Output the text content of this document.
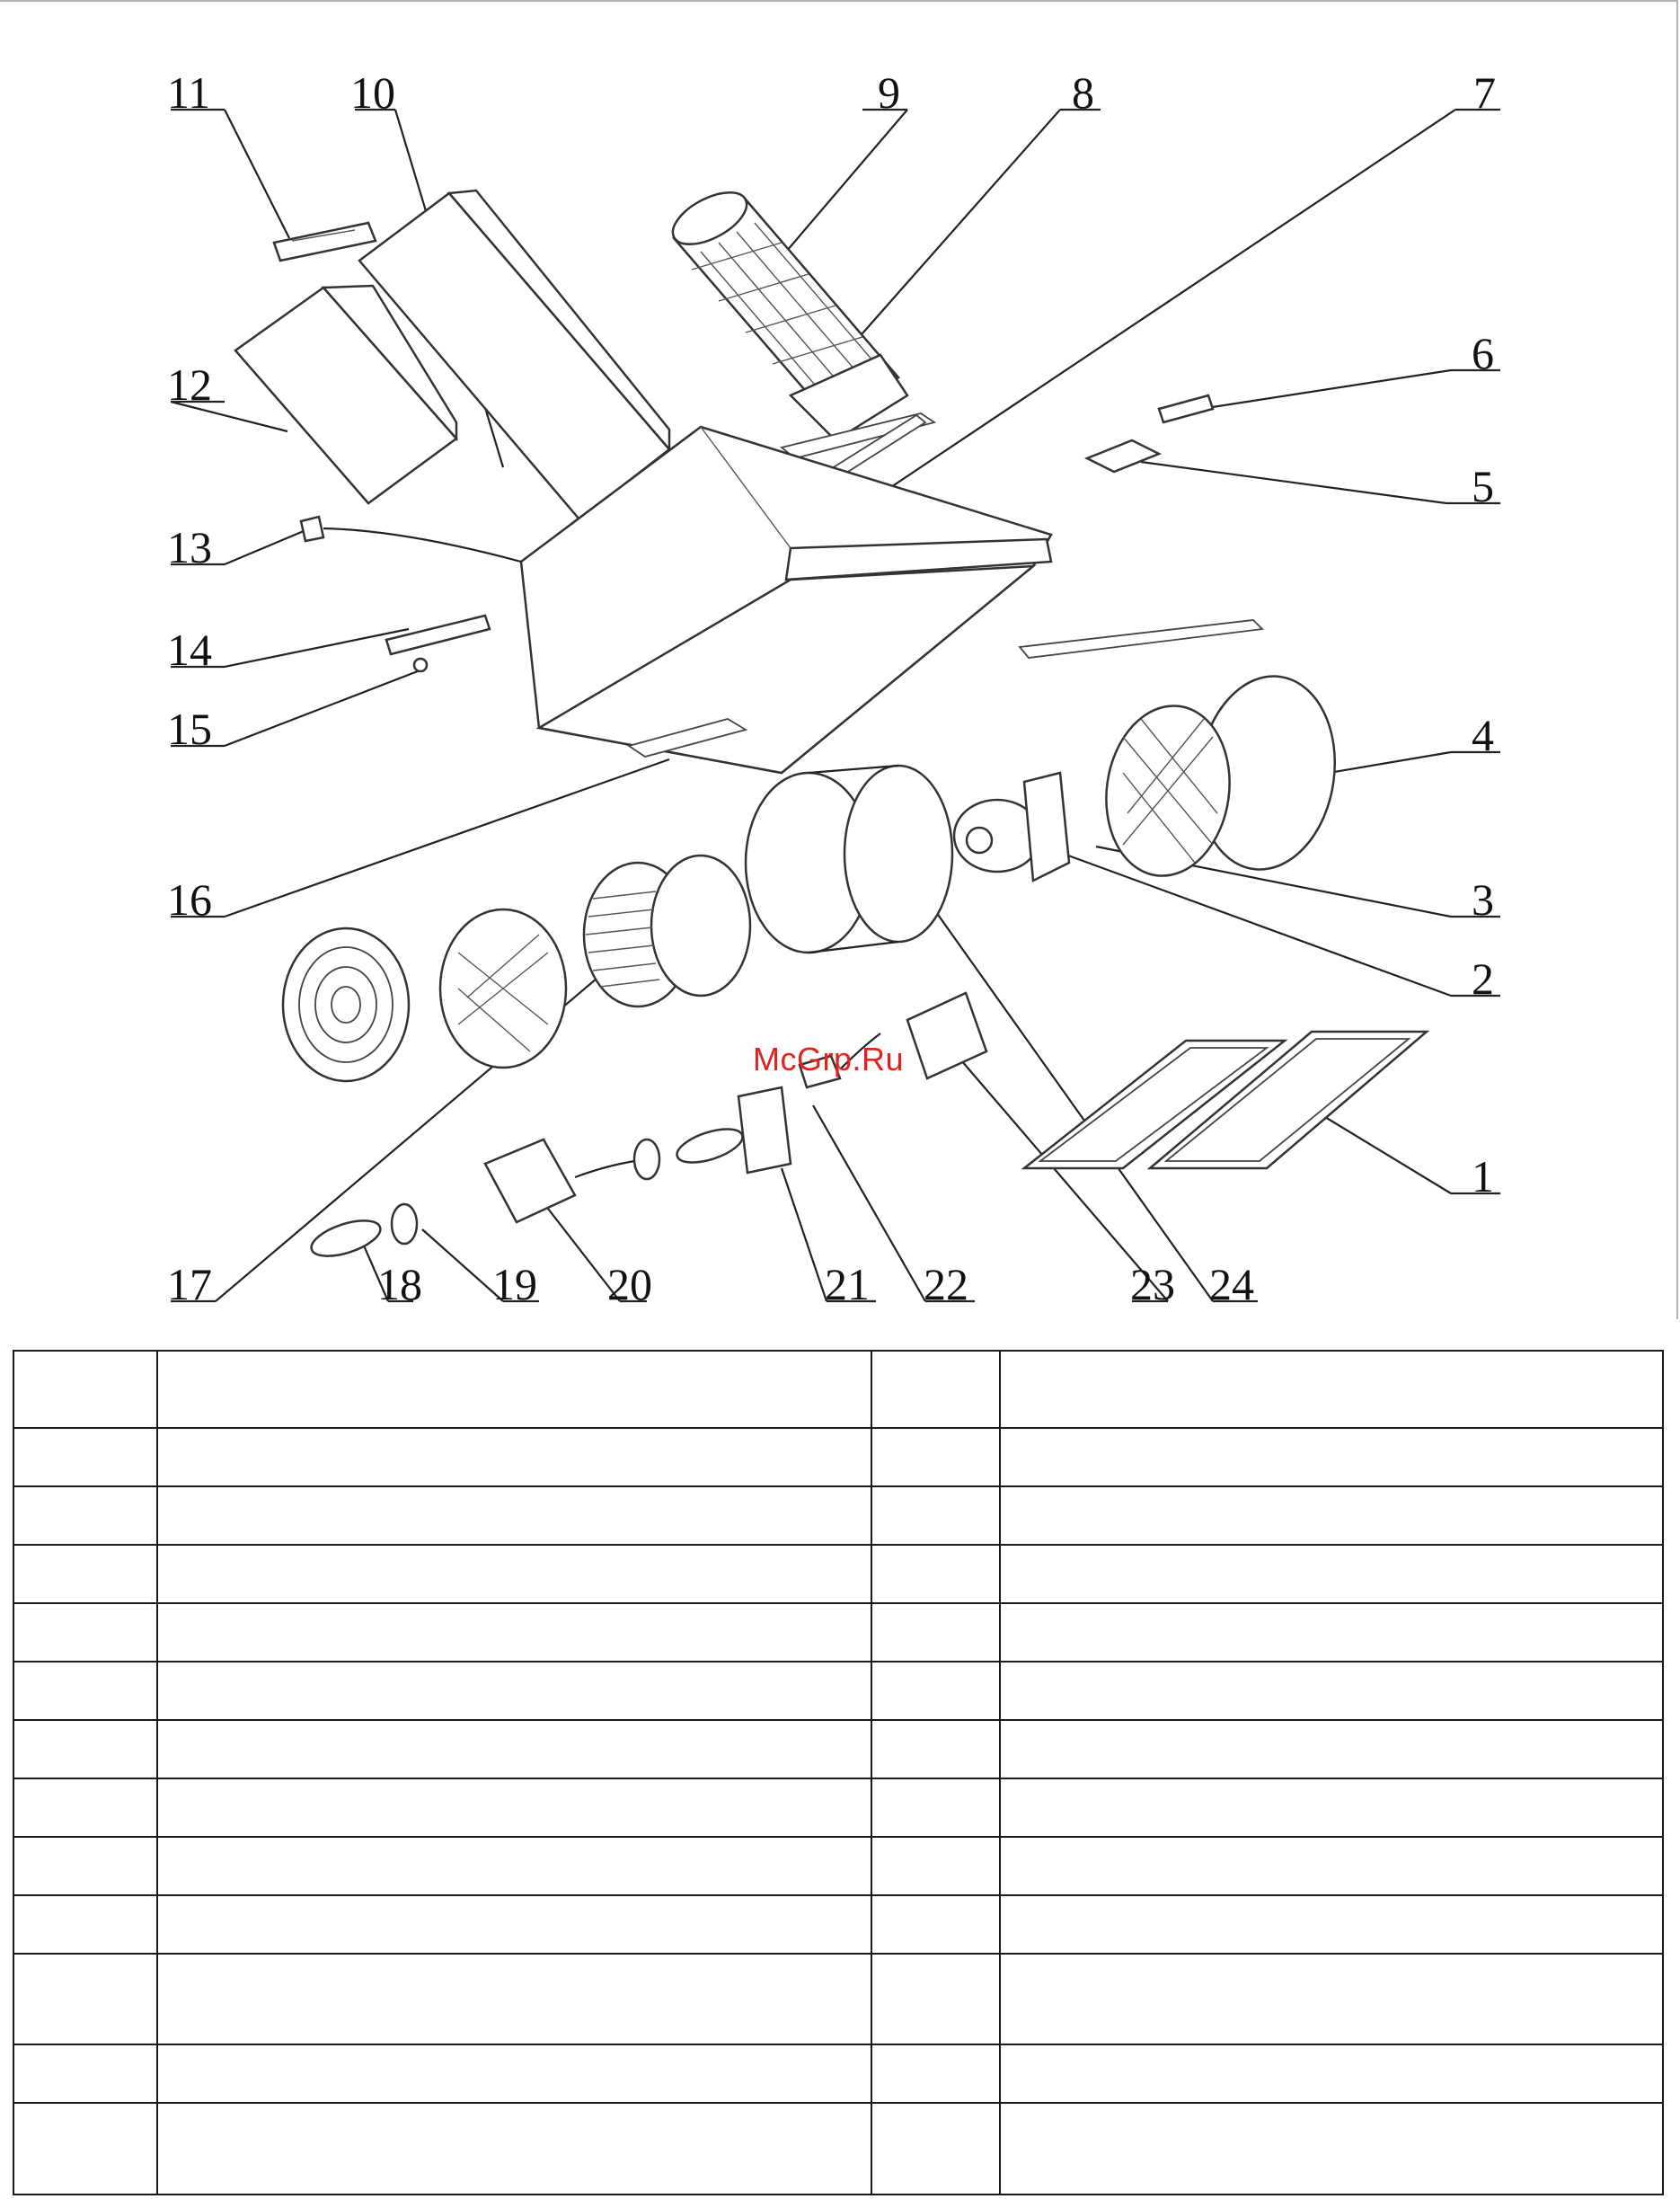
11	10	9	8	7
6
5
4
3
2
1
12
13
14
15
16
17	18 19 20	21 22	23 24
McGrp.Ru
